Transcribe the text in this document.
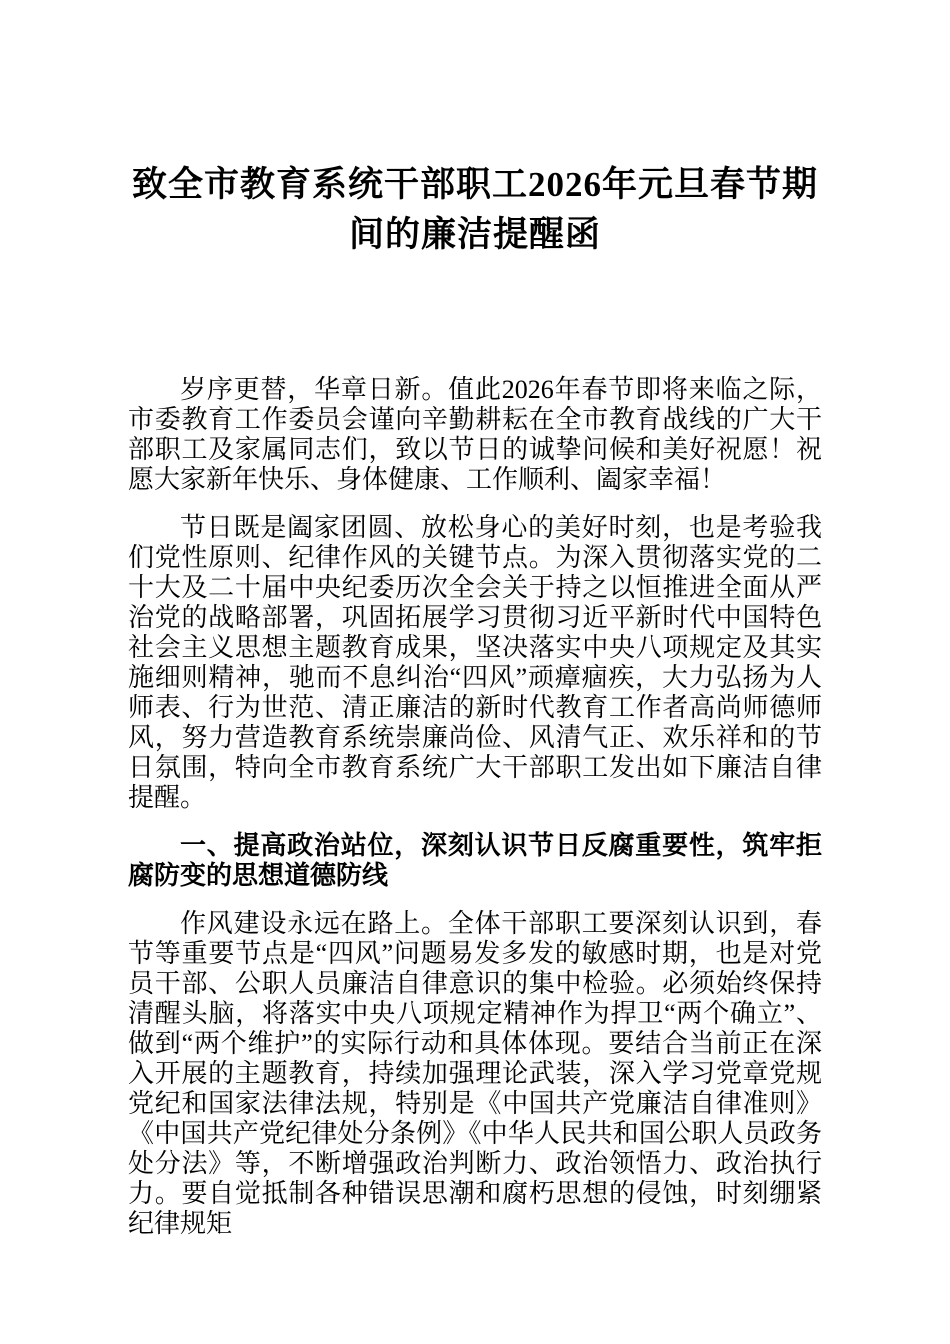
致全市教育系统干部职工2026年元旦春节期间的廉洁提醒函

岁序更替，华章日新。值此2026年春节即将来临之际，市委教育工作委员会谨向辛勤耕耘在全市教育战线的广大干部职工及家属同志们，致以节日的诚挚问候和美好祝愿！祝愿大家新年快乐、身体健康、工作顺利、阖家幸福！

节日既是阖家团圆、放松身心的美好时刻，也是考验我们党性原则、纪律作风的关键节点。为深入贯彻落实党的二十大及二十届中央纪委历次全会关于持之以恒推进全面从严治党的战略部署，巩固拓展学习贯彻习近平新时代中国特色社会主义思想主题教育成果，坚决落实中央八项规定及其实施细则精神，驰而不息纠治“四风”顽瘴痼疾，大力弘扬为人师表、行为世范、清正廉洁的新时代教育工作者高尚师德师风，努力营造教育系统崇廉尚俭、风清气正、欢乐祥和的节日氛围，特向全市教育系统广大干部职工发出如下廉洁自律提醒。

一、提高政治站位，深刻认识节日反腐重要性，筑牢拒腐防变的思想道德防线

作风建设永远在路上。全体干部职工要深刻认识到，春节等重要节点是“四风”问题易发多发的敏感时期，也是对党员干部、公职人员廉洁自律意识的集中检验。必须始终保持清醒头脑，将落实中央八项规定精神作为捍卫“两个确立”、做到“两个维护”的实际行动和具体体现。要结合当前正在深入开展的主题教育，持续加强理论武装，深入学习党章党规党纪和国家法律法规，特别是《中国共产党廉洁自律准则》《中国共产党纪律处分条例》《中华人民共和国公职人员政务处分法》等，不断增强政治判断力、政治领悟力、政治执行力。要自觉抵制各种错误思潮和腐朽思想的侵蚀，时刻绷紧纪律规矩
